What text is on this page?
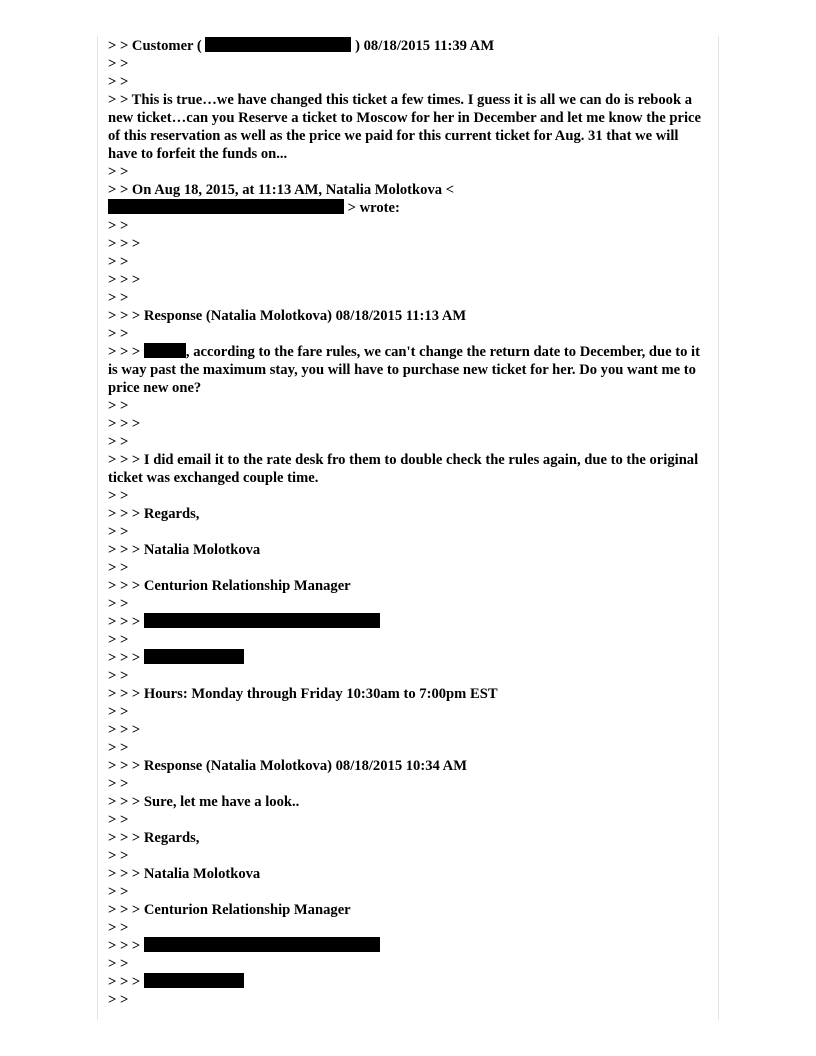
> > Customer (	) 08/18/2015 11:39 AM
> >
> >
> > This is true…we have changed this ticket a few times. I guess it is all we can do is rebook a new ticket…can you Reserve a ticket to Moscow for her in December and let me know the price of this reservation as well as the price we paid for this current ticket for Aug. 31 that we will have to forfeit the funds on...
> >
> > On Aug 18, 2015, at 11:13 AM, Natalia Molotkova <
> wrote:
> >
> > >
> >
> > >
> >
> > > Response (Natalia Molotkova) 08/18/2015 11:13 AM
> >
> > >	, according to the fare rules, we can't change the return date to December, due to it is way past the maximum stay, you will have to purchase new ticket for her. Do you want me to price new one?
> >
> > >
> >
> > > I did email it to the rate desk fro them to double check the rules again, due to the original ticket was exchanged couple time.
> >
> > > Regards,
> >
> > > Natalia Molotkova
> >
> > > Centurion Relationship Manager
> >
> > >
> >
> > >
> >
> > > Hours: Monday through Friday 10:30am to 7:00pm EST
> >
> > >
> >
> > > Response (Natalia Molotkova) 08/18/2015 10:34 AM
> >
> > > Sure, let me have a look..
> >
> > > Regards,
> >
> > > Natalia Molotkova
> >
> > > Centurion Relationship Manager
> >
> > >
> >
> > >
> >
